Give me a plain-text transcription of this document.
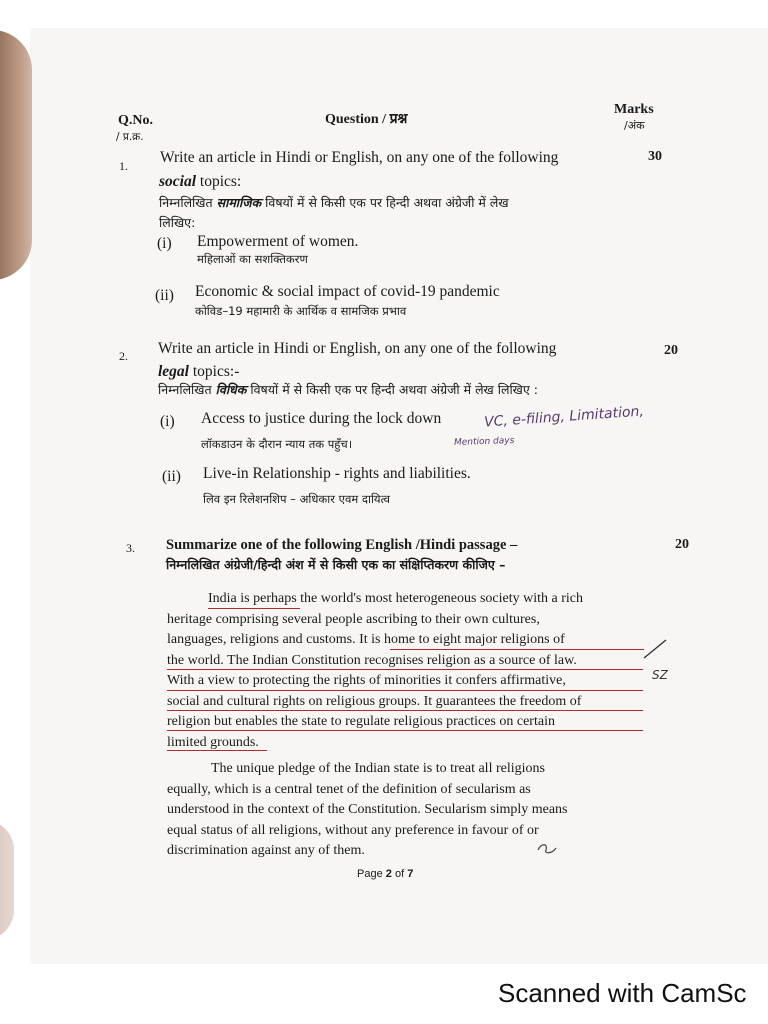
Q.No.
/ प्र.क्र.
Question / प्रश्न
Marks
/अंक
1. Write an article in Hindi or English, on any one of the following	30
social topics:
निम्नलिखित सामाजिक विषयों में से किसी एक पर हिन्दी अथवा अंग्रेजी में लेख
लिखिए:
(i) Empowerment of women.
महिलाओं का सशक्तिकरण
(ii) Economic & social impact of covid-19 pandemic
कोविड–19 महामारी के आर्थिक व सामजिक प्रभाव
2. Write an article in Hindi or English, on any one of the following	20
legal topics:-
निम्नलिखित विधिक विषयों में से किसी एक पर हिन्दी अथवा अंग्रेजी में लेख लिखिए :
(i) Access to justice during the lock down
लॉकडाउन के दौरान न्याय तक पहुँच।
(ii) Live-in Relationship - rights and liabilities.
लिव इन रिलेशनशिप – अधिकार एवम दायित्व
VC, e-filing, Limitation,
Mention days
3. Summarize one of the following English /Hindi passage –	20
निम्नलिखित अंग्रेजी/हिन्दी अंश में से किसी एक का संक्षिप्तिकरण कीजिए –
India is perhaps the world's most heterogeneous society with a rich
heritage comprising several people ascribing to their own cultures,
languages, religions and customs. It is home to eight major religions of
the world. The Indian Constitution recognises religion as a source of law.
With a view to protecting the rights of minorities it confers affirmative,
social and cultural rights on religious groups. It guarantees the freedom of
religion but enables the state to regulate religious practices on certain
limited grounds.
The unique pledge of the Indian state is to treat all religions
equally, which is a central tenet of the definition of secularism as
understood in the context of the Constitution. Secularism simply means
equal status of all religions, without any preference in favour of or
discrimination against any of them.
SZ
Page 2 of 7
Scanned with CamSc
